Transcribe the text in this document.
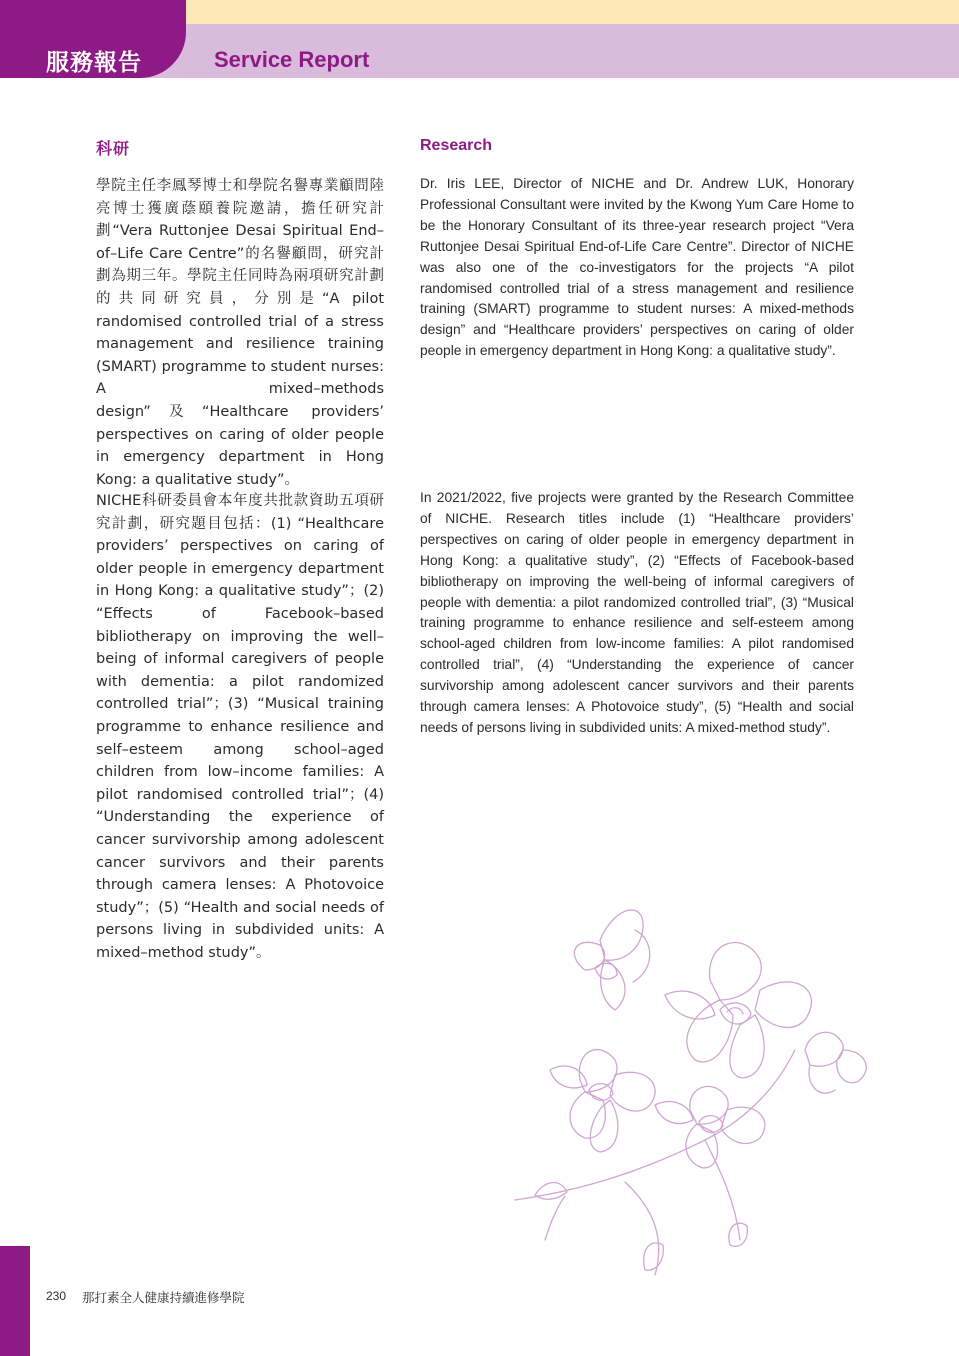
服務報告	Service Report
科研

學院主任李鳳琴博士和學院名譽專業顧問陸亮博士獲廣蔭頤養院邀請，擔任研究計劃“Vera Ruttonjee Desai Spiritual End–of–Life Care Centre”的名譽顧問，研究計劃為期三年。學院主任同時為兩項研究計劃的共同研究員，分別是“A pilot randomised controlled trial of a stress management and resilience training (SMART) programme to student nurses: A mixed–methods design”及“Healthcare providers’ perspectives on caring of older people in emergency department in Hong Kong: a qualitative study”。

NICHE科研委員會本年度共批款資助五項研究計劃，研究題目包括：(1) “Healthcare providers’ perspectives on caring of older people in emergency department in Hong Kong: a qualitative study”；(2) “Effects of Facebook–based bibliotherapy on improving the well–being of informal caregivers of people with dementia: a pilot randomized controlled trial”；(3) “Musical training programme to enhance resilience and self–esteem among school–aged children from low–income families: A pilot randomised controlled trial”；(4) “Understanding the experience of cancer survivorship among adolescent cancer survivors and their parents through camera lenses: A Photovoice study”；(5) “Health and social needs of persons living in subdivided units: A mixed–method study”。

Research

Dr. Iris LEE, Director of NICHE and Dr. Andrew LUK, Honorary Professional Consultant were invited by the Kwong Yum Care Home to be the Honorary Consultant of its three-year research project “Vera Ruttonjee Desai Spiritual End-of-Life Care Centre”. Director of NICHE was also one of the co-investigators for the projects “A pilot randomised controlled trial of a stress management and resilience training (SMART) programme to student nurses: A mixed-methods design” and “Healthcare providers’ perspectives on caring of older people in emergency department in Hong Kong: a qualitative study”.

In 2021/2022, five projects were granted by the Research Committee of NICHE. Research titles include (1) “Healthcare providers’ perspectives on caring of older people in emergency department in Hong Kong: a qualitative study”, (2) “Effects of Facebook-based bibliotherapy on improving the well-being of informal caregivers of people with dementia: a pilot randomized controlled trial”, (3) “Musical training programme to enhance resilience and self-esteem among school-aged children from low-income families: A pilot randomised controlled trial”, (4) “Understanding the experience of cancer survivorship among adolescent cancer survivors and their parents through camera lenses: A Photovoice study”, (5) “Health and social needs of persons living in subdivided units: A mixed-method study”.

230 那打素全人健康持續進修學院
